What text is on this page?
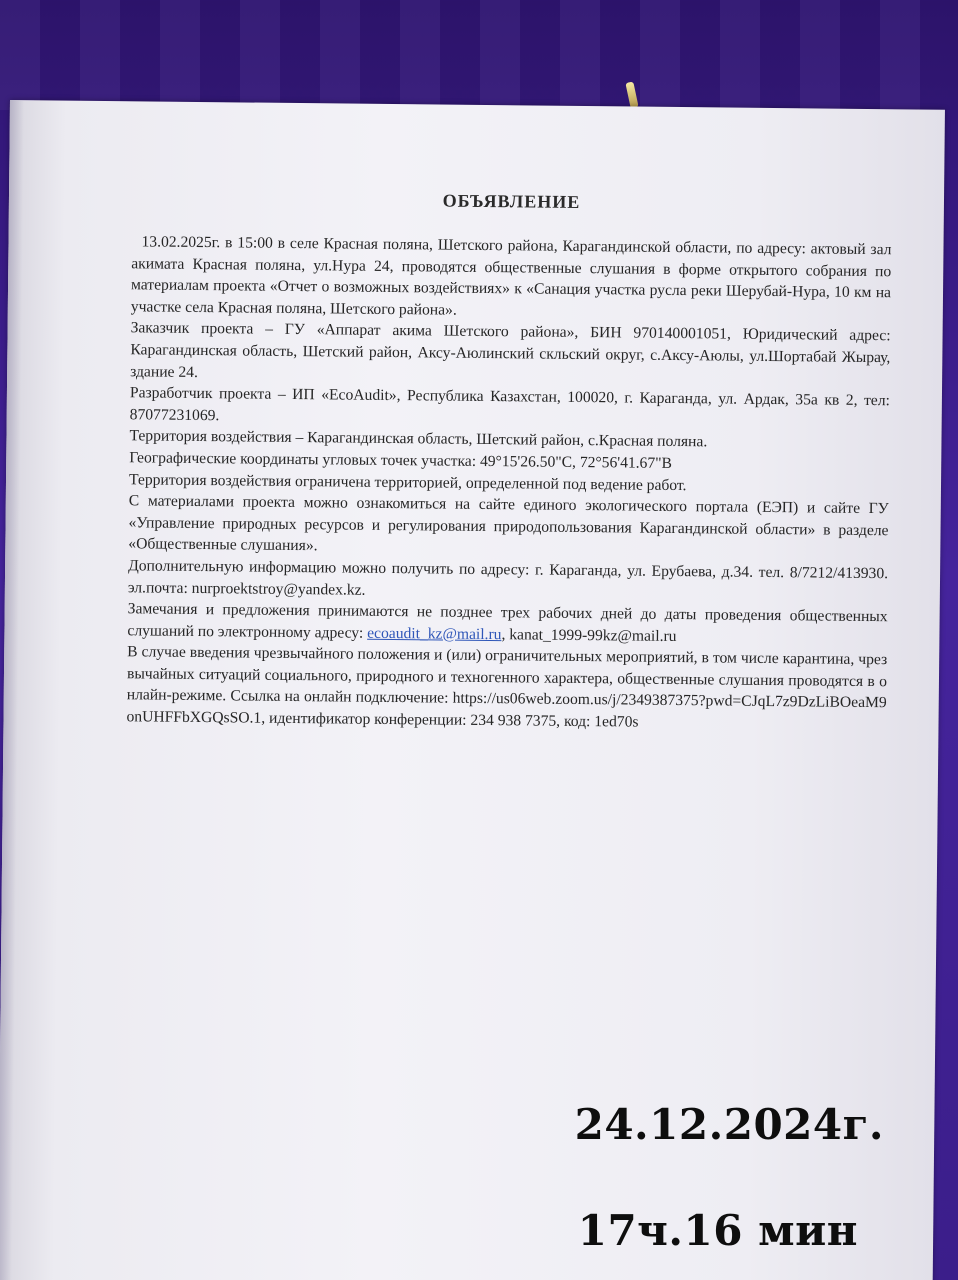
ОБЪЯВЛЕНИЕ

13.02.2025г. в 15:00 в селе Красная поляна, Шетского района, Карагандинской области, по адресу: актовый зал акимата Красная поляна, ул.Нура 24, проводятся общественные слушания в форме открытого собрания по материалам проекта «Отчет о возможных воздействиях» к «Санация участка русла реки Шерубай-Нура, 10 км на участке села Красная поляна, Шетского района».

Заказчик проекта – ГУ «Аппарат акима Шетского района», БИН 970140001051, Юридический адрес: Карагандинская область, Шетский район, Аксу-Аюлинский скльский округ, с.Аксу-Аюлы, ул.Шортабай Жырау, здание 24.

Разработчик проекта – ИП «EcoAudit», Республика Казахстан, 100020, г. Караганда, ул. Ардак, 35а кв 2, тел: 87077231069.

Территория воздействия – Карагандинская область, Шетский район, с.Красная поляна.

Географические координаты угловых точек участка: 49°15'26.50"С, 72°56'41.67"В

Территория воздействия ограничена территорией, определенной под ведение работ.

С материалами проекта можно ознакомиться на сайте единого экологического портала (ЕЭП) и сайте ГУ «Управление природных ресурсов и регулирования природопользования Карагандинской области» в разделе «Общественные слушания».

Дополнительную информацию можно получить по адресу: г. Караганда, ул. Ерубаева, д.34. тел. 8/7212/413930. эл.почта: nurproektstroy@yandex.kz.

Замечания и предложения принимаются не позднее трех рабочих дней до даты проведения общественных слушаний по электронному адресу: ecoaudit_kz@mail.ru, kanat_1999-99kz@mail.ru

В случае введения чрезвычайного положения и (или) ограничительных мероприятий, в том числе карантина, чрезвычайных ситуаций социального, природного и техногенного характера, общественные слушания проводятся в онлайн-режиме. Ссылка на онлайн подключение: https://us06web.zoom.us/j/2349387375?pwd=CJqL7z9DzLiBOeaM9onUHFFbXGQsSO.1, идентификатор конференции: 234 938 7375, код: 1ed70s

24.12.2024г.
17ч.16 мин
